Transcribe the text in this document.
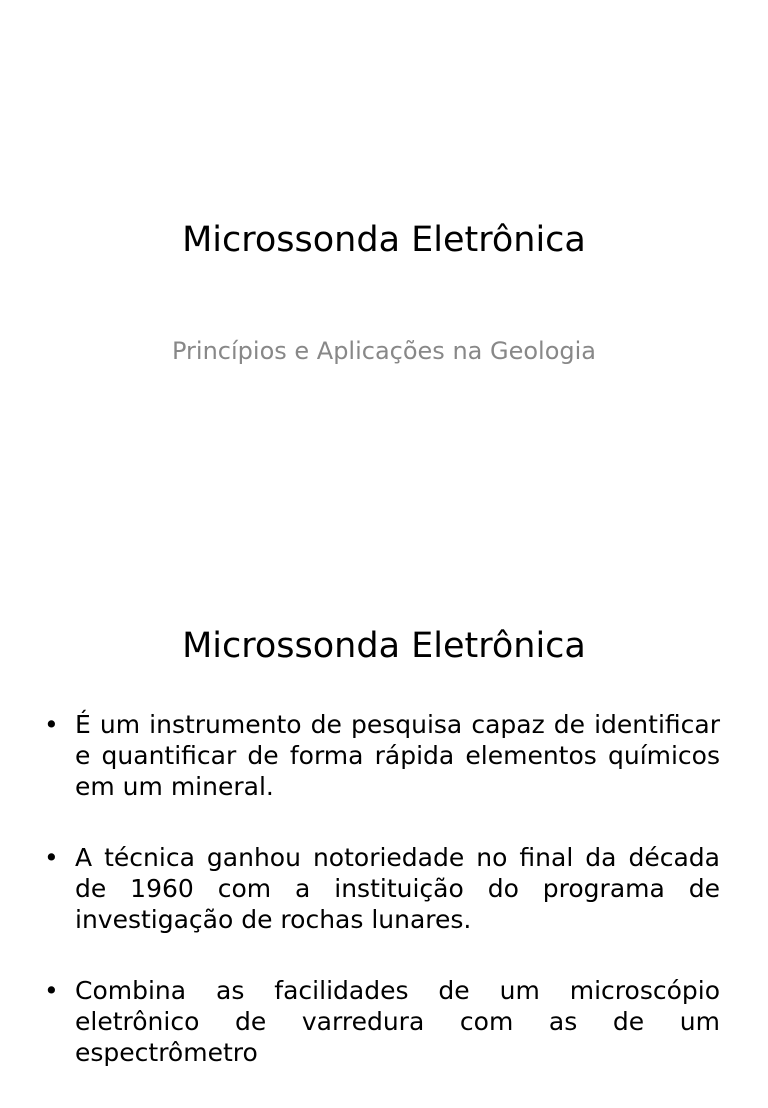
Microssonda Eletrônica

Princípios e Aplicações na Geologia

Microssonda Eletrônica
• É um instrumento de pesquisa capaz de identificar e quantificar de forma rápida elementos químicos em um mineral.
• A técnica ganhou notoriedade no final da década de 1960 com a instituição do programa de investigação de rochas lunares.
• Combina as facilidades de um microscópio eletrônico de varredura com as de um espectrômetro
